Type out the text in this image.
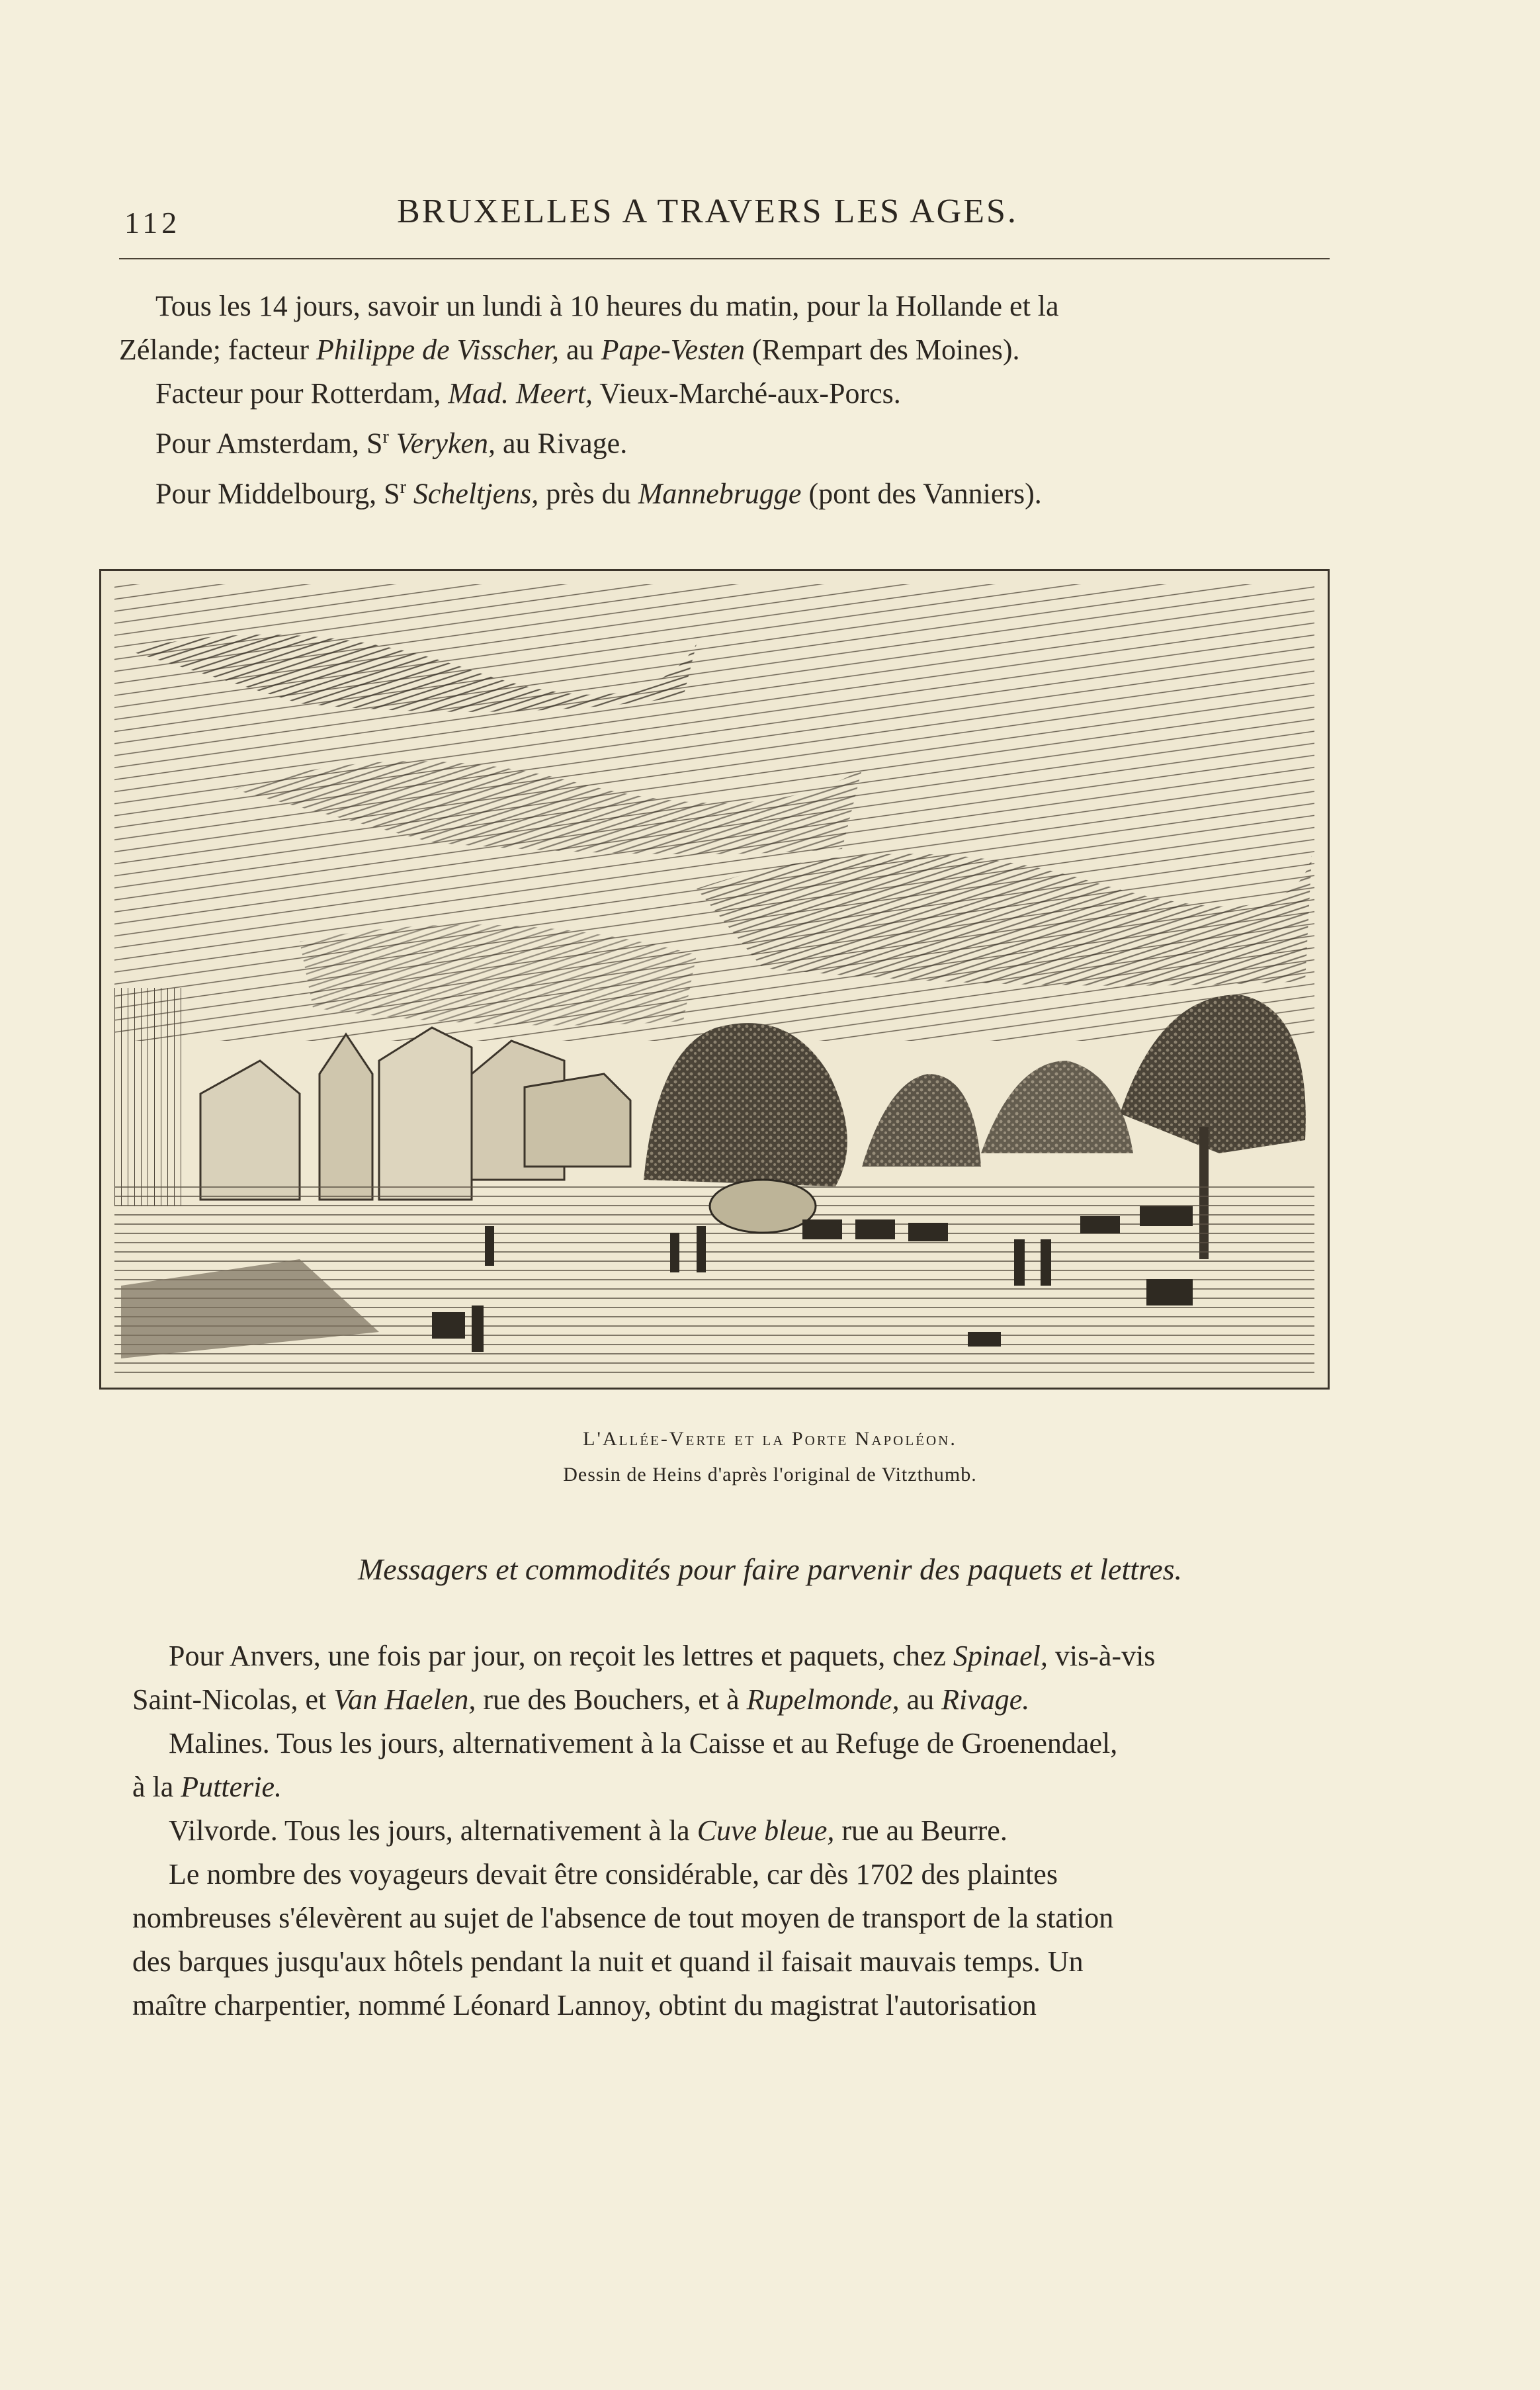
112	BRUXELLES A TRAVERS LES AGES.

Tous les 14 jours, savoir un lundi à 10 heures du matin, pour la Hollande et la

Zélande; facteur Philippe de Visscher, au Pape-Vesten (Rempart des Moines).

Facteur pour Rotterdam, Mad. Meert, Vieux-Marché-aux-Porcs.

Pour Amsterdam, $S^r$ Veryken, au Rivage.

Pour Middelbourg, $S^r$ Scheltjens, près du Mannebrugge (pont des Vanniers).

L'Allée-Verte et la Porte Napoléon.
Dessin de Heins d'après l'original de Vitzthumb.
Messagers et commodités pour faire parvenir des paquets et lettres.

Pour Anvers, une fois par jour, on reçoit les lettres et paquets, chez Spinael, vis-à-vis

Saint-Nicolas, et Van Haelen, rue des Bouchers, et à Rupelmonde, au Rivage.

Malines. Tous les jours, alternativement à la Caisse et au Refuge de Groenendael,

à la Putterie.

Vilvorde. Tous les jours, alternativement à la Cuve bleue, rue au Beurre.

Le nombre des voyageurs devait être considérable, car dès 1702 des plaintes

nombreuses s'élevèrent au sujet de l'absence de tout moyen de transport de la station

des barques jusqu'aux hôtels pendant la nuit et quand il faisait mauvais temps. Un

maître charpentier, nommé Léonard Lannoy, obtint du magistrat l'autorisation
